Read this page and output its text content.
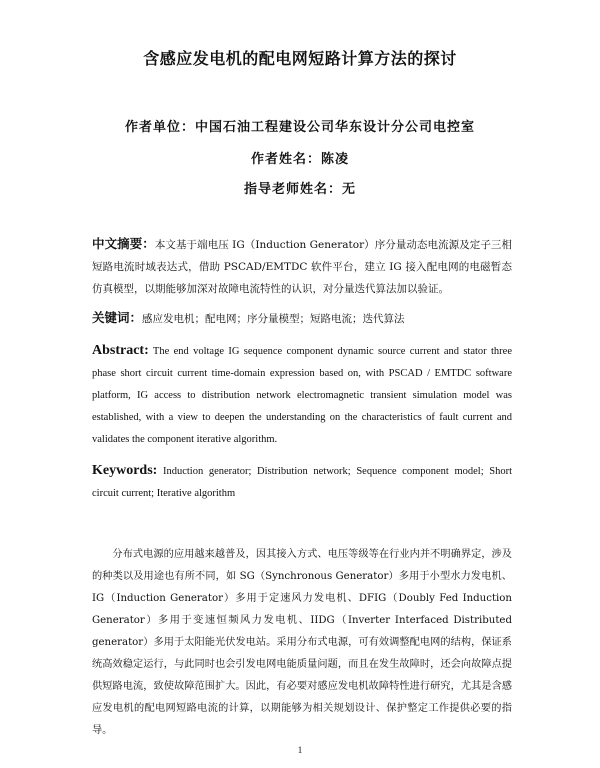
含感应发电机的配电网短路计算方法的探讨
作者单位：中国石油工程建设公司华东设计分公司电控室
作者姓名：陈凌
指导老师姓名：无
中文摘要：本文基于端电压 IG（Induction Generator）序分量动态电流源及定子三相短路电流时域表达式，借助 PSCAD/EMTDC 软件平台，建立 IG 接入配电网的电磁暂态仿真模型，以期能够加深对故障电流特性的认识，对分量迭代算法加以验证。
关键词：感应发电机；配电网；序分量模型；短路电流；迭代算法
Abstract: The end voltage IG sequence component dynamic source current and stator three phase short circuit current time-domain expression based on, with PSCAD / EMTDC software platform, IG access to distribution network electromagnetic transient simulation model was established, with a view to deepen the understanding on the characteristics of fault current and validates the component iterative algorithm.
Keywords: Induction generator; Distribution network; Sequence component model; Short circuit current; Iterative algorithm
分布式电源的应用越来越普及，因其接入方式、电压等级等在行业内并不明确界定，涉及的种类以及用途也有所不同，如 SG（Synchronous Generator）多用于小型水力发电机、IG（Induction Generator）多用于定速风力发电机、DFIG（Doubly Fed Induction Generator）多用于变速恒频风力发电机、IIDG（Inverter Interfaced Distributed generator）多用于太阳能光伏发电站。采用分布式电源，可有效调整配电网的结构，保证系统高效稳定运行，与此同时也会引发电网电能质量问题，而且在发生故障时，还会向故障点提供短路电流，致使故障范围扩大。因此，有必要对感应发电机故障特性进行研究，尤其是含感应发电机的配电网短路电流的计算，以期能够为相关规划设计、保护整定工作提供必要的指导。
1
